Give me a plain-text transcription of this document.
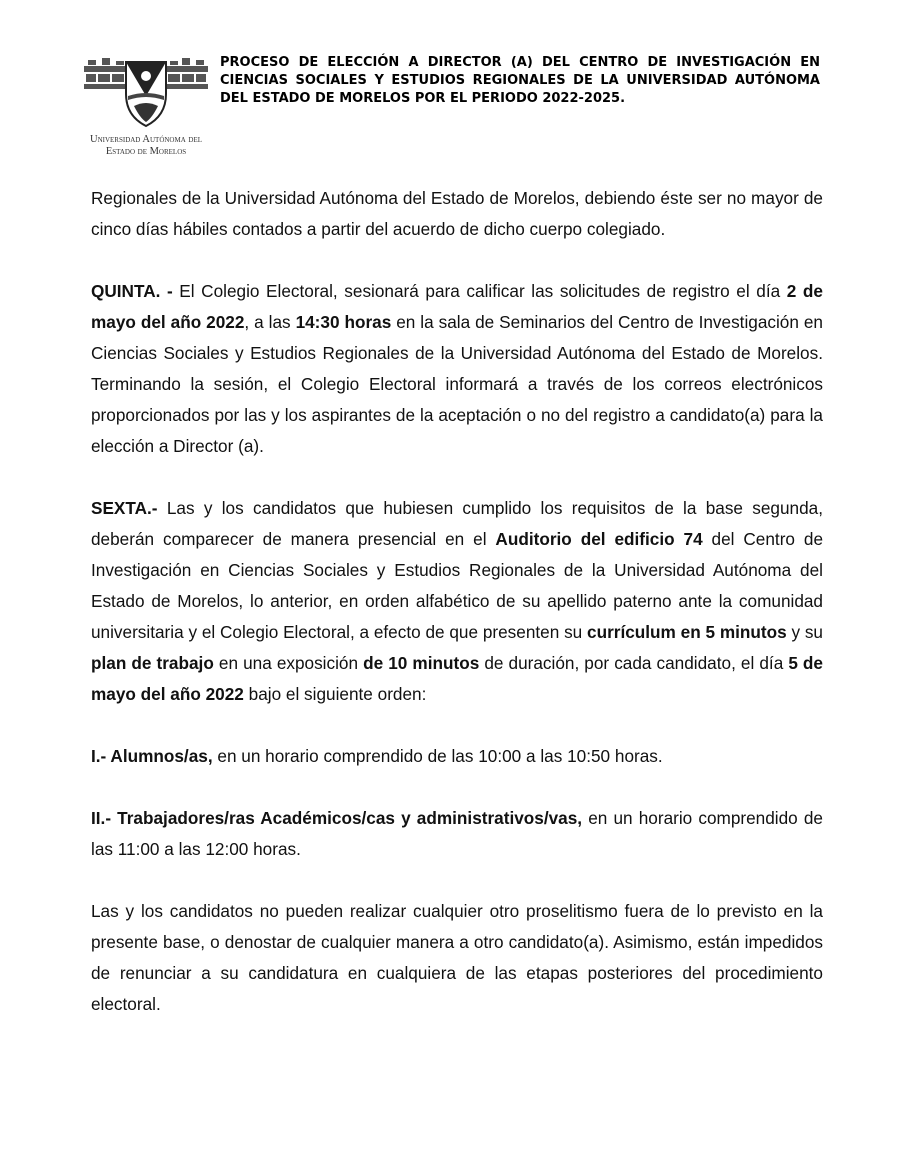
Universidad Autónoma del
Estado de Morelos
PROCESO DE ELECCIÓN A DIRECTOR (A) DEL CENTRO DE INVESTIGACIÓN EN CIENCIAS SOCIALES Y ESTUDIOS REGIONALES DE LA UNIVERSIDAD AUTÓNOMA DEL ESTADO DE MORELOS POR EL PERIODO 2022-2025.

Regionales de la Universidad Autónoma del Estado de Morelos, debiendo éste ser no mayor de cinco días hábiles contados a partir del acuerdo de dicho cuerpo colegiado.

QUINTA. - El Colegio Electoral, sesionará para calificar las solicitudes de registro el día 2 de mayo del año 2022, a las 14:30 horas en la sala de Seminarios del Centro de Investigación en Ciencias Sociales y Estudios Regionales de la Universidad Autónoma del Estado de Morelos. Terminando la sesión, el Colegio Electoral informará a través de los correos electrónicos proporcionados por las y los aspirantes de la aceptación o no del registro a candidato(a) para la elección a Director (a).

SEXTA.- Las y los candidatos que hubiesen cumplido los requisitos de la base segunda, deberán comparecer de manera presencial en el Auditorio del edificio 74 del Centro de Investigación en Ciencias Sociales y Estudios Regionales de la Universidad Autónoma del Estado de Morelos, lo anterior, en orden alfabético de su apellido paterno ante la comunidad universitaria y el Colegio Electoral, a efecto de que presenten su currículum en 5 minutos y su plan de trabajo en una exposición de 10 minutos de duración, por cada candidato, el día 5 de mayo del año 2022 bajo el siguiente orden:

I.- Alumnos/as, en un horario comprendido de las 10:00 a las 10:50 horas.

II.- Trabajadores/ras Académicos/cas y administrativos/vas, en un horario comprendido de las 11:00 a las 12:00 horas.

Las y los candidatos no pueden realizar cualquier otro proselitismo fuera de lo previsto en la presente base, o denostar de cualquier manera a otro candidato(a). Asimismo, están impedidos de renunciar a su candidatura en cualquiera de las etapas posteriores del procedimiento electoral.
